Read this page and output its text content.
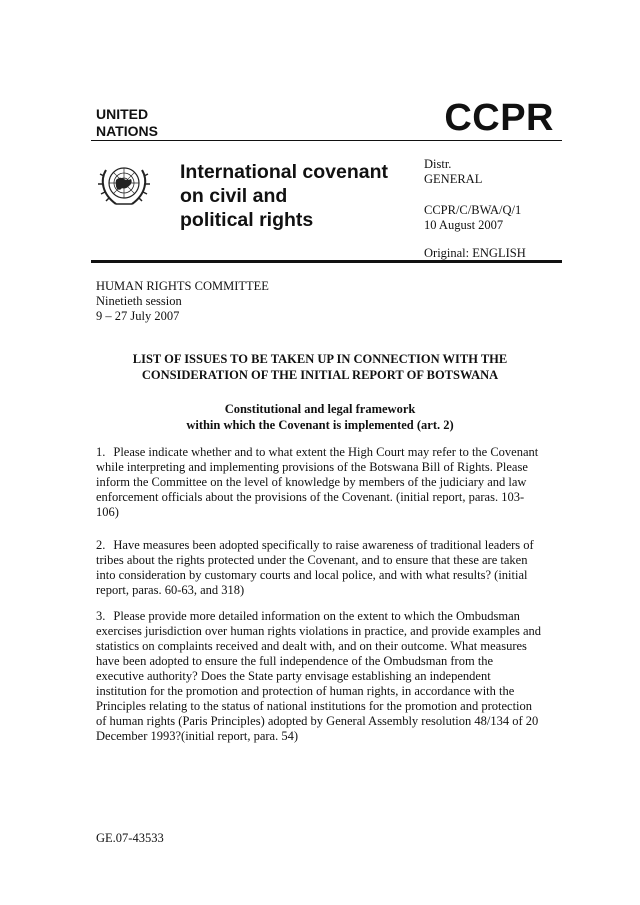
UNITED
NATIONS	CCPR
International covenant
on civil and
political rights

Distr.

GENERAL

CCPR/C/BWA/Q/1

10 August 2007

Original: ENGLISH

HUMAN RIGHTS COMMITTEE

Ninetieth session

9 – 27 July 2007

LIST OF ISSUES TO BE TAKEN UP IN CONNECTION WITH THE
CONSIDERATION OF THE INITIAL REPORT OF BOTSWANA
Constitutional and legal framework
within which the Covenant is implemented (art. 2)

1. Please indicate whether and to what extent the High Court may refer to the Covenant while interpreting and implementing provisions of the Botswana Bill of Rights. Please inform the Committee on the level of knowledge by members of the judiciary and law enforcement officials about the provisions of the Covenant. (initial report, paras. 103-106)

2. Have measures been adopted specifically to raise awareness of traditional leaders of tribes about the rights protected under the Covenant, and to ensure that these are taken into consideration by customary courts and local police, and with what results? (initial report, paras. 60-63, and 318)

3. Please provide more detailed information on the extent to which the Ombudsman exercises jurisdiction over human rights violations in practice, and provide examples and statistics on complaints received and dealt with, and on their outcome. What measures have been adopted to ensure the full independence of the Ombudsman from the executive authority? Does the State party envisage establishing an independent institution for the promotion and protection of human rights, in accordance with the Principles relating to the status of national institutions for the promotion and protection of human rights (Paris Principles) adopted by General Assembly resolution 48/134 of 20 December 1993?(initial report, para. 54)

GE.07-43533
